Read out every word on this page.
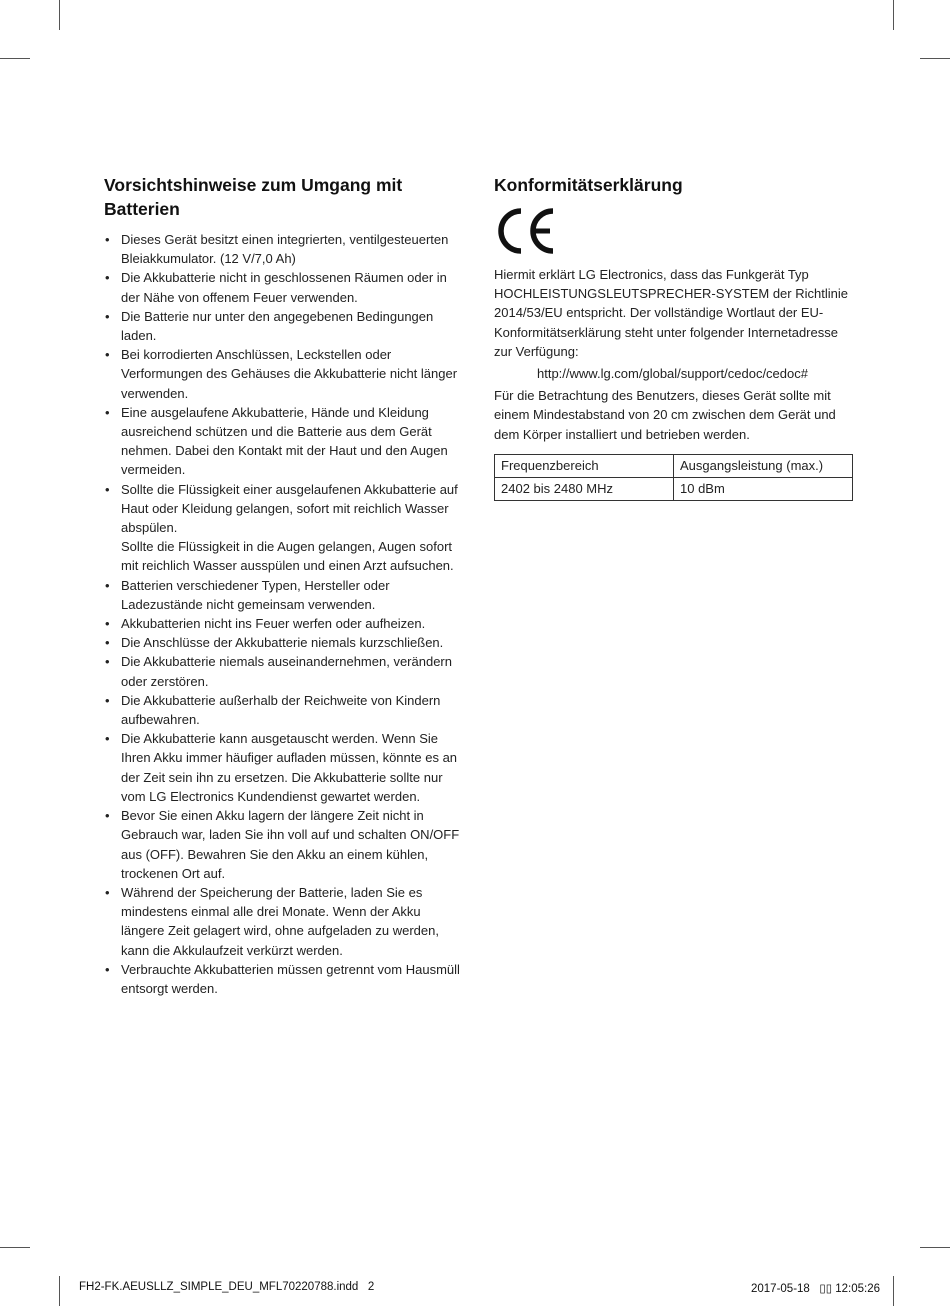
Vorsichtshinweise zum Umgang mit Batterien
• Dieses Gerät besitzt einen integrierten, ventilgesteuerten Bleiakkumulator. (12 V/7,0 Ah)
• Die Akkubatterie nicht in geschlossenen Räumen oder in der Nähe von offenem Feuer verwenden.
• Die Batterie nur unter den angegebenen Bedingungen laden.
• Bei korrodierten Anschlüssen, Leckstellen oder Verformungen des Gehäuses die Akkubatterie nicht länger verwenden.
• Eine ausgelaufene Akkubatterie, Hände und Kleidung ausreichend schützen und die Batterie aus dem Gerät nehmen. Dabei den Kontakt mit der Haut und den Augen vermeiden.
• Sollte die Flüssigkeit einer ausgelaufenen Akkubatterie auf Haut oder Kleidung gelangen, sofort mit reichlich Wasser abspülen.
Sollte die Flüssigkeit in die Augen gelangen, Augen sofort mit reichlich Wasser ausspülen und einen Arzt aufsuchen.
• Batterien verschiedener Typen, Hersteller oder Ladezustände nicht gemeinsam verwenden.
• Akkubatterien nicht ins Feuer werfen oder aufheizen.
• Die Anschlüsse der Akkubatterie niemals kurzschließen.
• Die Akkubatterie niemals auseinandernehmen, verändern oder zerstören.
• Die Akkubatterie außerhalb der Reichweite von Kindern aufbewahren.
• Die Akkubatterie kann ausgetauscht werden. Wenn Sie Ihren Akku immer häufiger aufladen müssen, könnte es an der Zeit sein ihn zu ersetzen. Die Akkubatterie sollte nur vom LG Electronics Kundendienst gewartet werden.
• Bevor Sie einen Akku lagern der längere Zeit nicht in Gebrauch war, laden Sie ihn voll auf und schalten ON/OFF aus (OFF). Bewahren Sie den Akku an einem kühlen, trockenen Ort auf.
• Während der Speicherung der Batterie, laden Sie es mindestens einmal alle drei Monate. Wenn der Akku längere Zeit gelagert wird, ohne aufgeladen zu werden, kann die Akkulaufzeit verkürzt werden.
• Verbrauchte Akkubatterien müssen getrennt vom Hausmüll entsorgt werden.
Konformitätserklärung

Hiermit erklärt LG Electronics, dass das Funkgerät Typ HOCHLEISTUNGSLEUTSPRECHER-SYSTEM der Richtlinie 2014/53/EU entspricht. Der vollständige Wortlaut der EU-Konformitätserklärung steht unter folgender Internetadresse zur Verfügung:

http://www.lg.com/global/support/cedoc/cedoc#

Für die Betrachtung des Benutzers, dieses Gerät sollte mit einem Mindestabstand von 20 cm zwischen dem Gerät und dem Körper installiert und betrieben werden.

Frequenzbereich	Ausgangsleistung (max.)
2402 bis 2480 MHz	10 dBm
FH2-FK.AEUSLLZ_SIMPLE_DEU_MFL70220788.indd   2	2017-05-18   ▯▯ 12:05:26
